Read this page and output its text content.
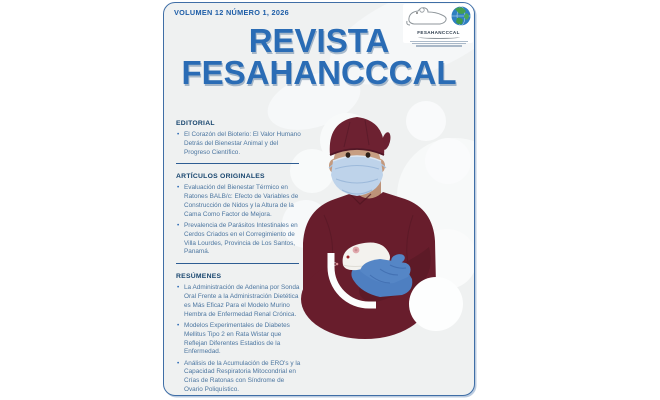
VOLUMEN 12 NÚMERO 1, 2026
FESAHANCCCAL
REVISTA
FESAHANCCCAL
EDITORIAL
• El Corazón del Bioterio: El Valor Humano Detrás del Bienestar Animal y del Progreso Científico.
ARTÍCULOS ORIGINALES
• Evaluación del Bienestar Térmico en Ratones BALB/c: Efecto de Variables de Construcción de Nidos y la Altura de la Cama Como Factor de Mejora.
• Prevalencia de Parásitos Intestinales en Cerdos Criados en el Corregimiento de Villa Lourdes, Provincia de Los Santos, Panamá.
RESÚMENES
• La Administración de Adenina por Sonda Oral Frente a la Administración Dietética es Más Eficaz Para el Modelo Murino Hembra de Enfermedad Renal Crónica.
• Modelos Experimentales de Diabetes Mellitus Tipo 2 en Rata Wistar que Reflejan Diferentes Estadios de la Enfermedad.
• Análisis de la Acumulación de ERO's y la Capacidad Respiratoria Mitocondrial en Crías de Ratonas con Síndrome de Ovario Poliquístico.
